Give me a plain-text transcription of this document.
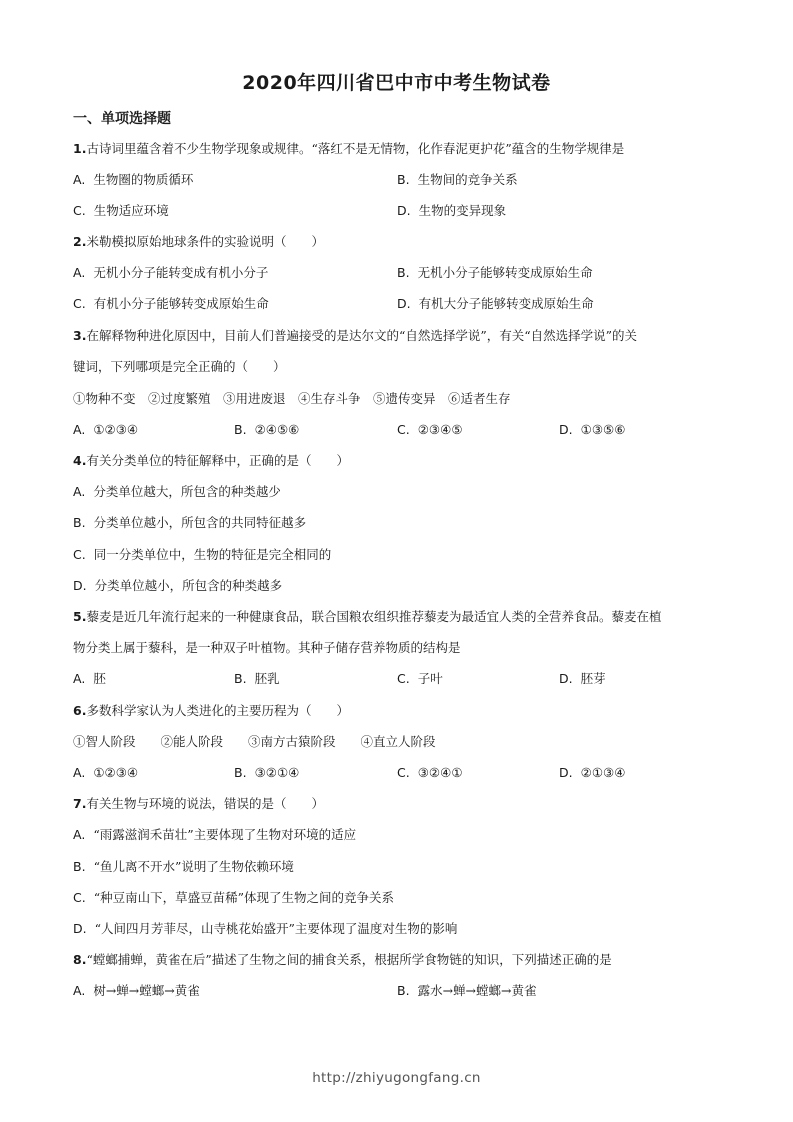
2020年四川省巴中市中考生物试卷
一、单项选择题
1.古诗词里蕴含着不少生物学现象或规律。“落红不是无情物，化作春泥更护花”蕴含的生物学规律是
A. 生物圈的物质循环	B. 生物间的竞争关系
C. 生物适应环境	D. 生物的变异现象
2.米勒模拟原始地球条件的实验说明（　　）
A. 无机小分子能转变成有机小分子	B. 无机小分子能够转变成原始生命
C. 有机小分子能够转变成原始生命	D. 有机大分子能够转变成原始生命
3.在解释物种进化原因中，目前人们普遍接受的是达尔文的“自然选择学说”，有关“自然选择学说”的关
键词，下列哪项是完全正确的（　　）
①物种不变　②过度繁殖　③用进废退　④生存斗争　⑤遗传变异　⑥适者生存
A. ①②③④	B. ②④⑤⑥	C. ②③④⑤	D. ①③⑤⑥
4.有关分类单位的特征解释中，正确的是（　　）
A. 分类单位越大，所包含的种类越少
B. 分类单位越小，所包含的共同特征越多
C. 同一分类单位中，生物的特征是完全相同的
D. 分类单位越小，所包含的种类越多
5.藜麦是近几年流行起来的一种健康食品，联合国粮农组织推荐藜麦为最适宜人类的全营养食品。藜麦在植
物分类上属于藜科，是一种双子叶植物。其种子储存营养物质的结构是
A. 胚	B. 胚乳	C. 子叶	D. 胚芽
6.多数科学家认为人类进化的主要历程为（　　）
①智人阶段　　②能人阶段　　③南方古猿阶段　　④直立人阶段
A. ①②③④	B. ③②①④	C. ③②④①	D. ②①③④
7.有关生物与环境的说法，错误的是（　　）
A. “雨露滋润禾苗壮”主要体现了生物对环境的适应
B. “鱼儿离不开水”说明了生物依赖环境
C. “种豆南山下，草盛豆苗稀”体现了生物之间的竞争关系
D. “人间四月芳菲尽，山寺桃花始盛开”主要体现了温度对生物的影响
8.“螳螂捕蝉，黄雀在后”描述了生物之间的捕食关系，根据所学食物链的知识，下列描述正确的是
A. 树→蝉→螳螂→黄雀	B. 露水→蝉→螳螂→黄雀
http://zhiyugongfang.cn
